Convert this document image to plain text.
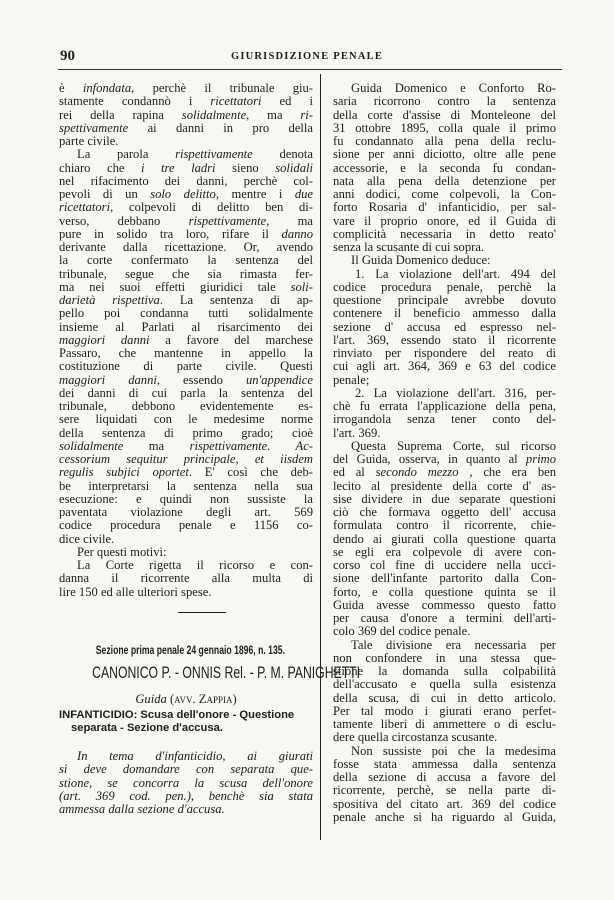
90	GIURISDIZIONE PENALE
è infondata, perchè il tribunale giu-
stamente condannò i ricettatori ed i
rei della rapina solidalmente, ma ri-
spettivamente ai danni in pro della
parte civile.
La parola rispettivamente denota
chiaro che i tre ladri sieno solidali
nel rifacimento dei danni, perchè col-
pevoli di un solo delitto, mentre i due
ricettatori, colpevoli di delitto ben di-
verso, debbano rispettivamente, ma
pure in solido tra loro, rifare il danno
derivante dalla ricettazione. Or, avendo
la corte confermato la sentenza del
tribunale, segue che sia rimasta fer-
ma nei suoi effetti giuridici tale soli-
darietà rispettiva. La sentenza di ap-
pello poi condanna tutti solidalmente
insieme al Parlati al risarcimento dei
maggiori danni a favore del marchese
Passaro, che mantenne in appello la
costituzione di parte civile. Questi
maggiori danni, essendo un'appendice
dei danni di cui parla la sentenza del
tribunale, debbono evidentemente es-
sere liquidati con le medesime norme
della sentenza di primo grado; cioè
solidalmente ma rispettivamente. Ac-
cessorium sequitur principale, et iisdem
regulis subjici oportet. E' così che deb-
be interpretarsi la sentenza nella sua
esecuzione: e quindi non sussiste la
paventata violazione degli art. 569
codice procedura penale e 1156 co-
dice civile.
Per questi motivi:
La Corte rigetta il ricorso e con-
danna il ricorrente alla multa di
lire 150 ed alle ulteriori spese.
Sezione prima penale 24 gennaio 1896, n. 135.
CANONICO P. - ONNIS Rel. - P. M. PANIGHETTI
Guida (avv. Zappia)
INFANTICIDIO: Scusa dell'onore - Questione
separata - Sezione d'accusa.
In tema d'infanticidio, ai giurati
si deve domandare con separata que-
stione, se concorra la scusa dell'onore
(art. 369 cod. pen.), benchè sia stata
ammessa dalla sezione d'accusa.
Guida Domenico e Conforto Ro-
saria ricorrono contro la sentenza
della corte d'assise di Monteleone del
31 ottobre 1895, colla quale il primo
fu condannato alla pena della reclu-
sione per anni diciotto, oltre alle pene
accessorie, e la seconda fu condan-
nata alla pena della detenzione per
anni dodici, come colpevoli, la Con-
forto Rosaria d' infanticidio, per sal-
vare il proprio onore, ed il Guida di
complicità necessaria in detto reato'
senza la scusante di cui sopra.
Il Guida Domenico deduce:
1. La violazione dell'art. 494 del
codice procedura penale, perchè la
questione principale avrebbe dovuto
contenere il beneficio ammesso dalla
sezione d' accusa ed espresso nel-
l'art. 369, essendo stato il ricorrente
rinviato per rispondere del reato di
cui agli art. 364, 369 e 63 del codice
penale;
2. La violazione dell'art. 316, per-
chè fu errata l'applicazione della pena,
irrogandola senza tener conto del-
l'art. 369.
Questa Suprema Corte, sul ricorso
del Guida, osserva, in quanto al primo
ed al secondo mezzo , che era ben
lecito al presidente della corte d' as-
sise dividere in due separate questioni
ciò che formava oggetto dell' accusa
formulata contro il ricorrente, chie-
dendo ai giurati colla questione quarta
se egli era colpevole di avere con-
corso col fine di uccidere nella ucci-
sione dell'infante partorito dalla Con-
forto, e colla questione quinta se il
Guida avesse commesso questo fatto
per causa d'onore a termini dell'arti-
colo 369 del codice penale.
Tale divisione era necessaria per
non confondere in una stessa que-
stione la domanda sulla colpabilità
dell'accusato e quella sulla esistenza
della scusa, di cui in detto articolo.
Per tal modo i giurati erano perfet-
tamente liberi di ammettere o di esclu-
dere quella circostanza scusante.
Non sussiste poi che la medesima
fosse stata ammessa dalla sentenza
della sezione di accusa a favore del
ricorrente, perchè, se nella parte di-
spositiva del citato art. 369 del codice
penale anche si ha riguardo al Guida,
